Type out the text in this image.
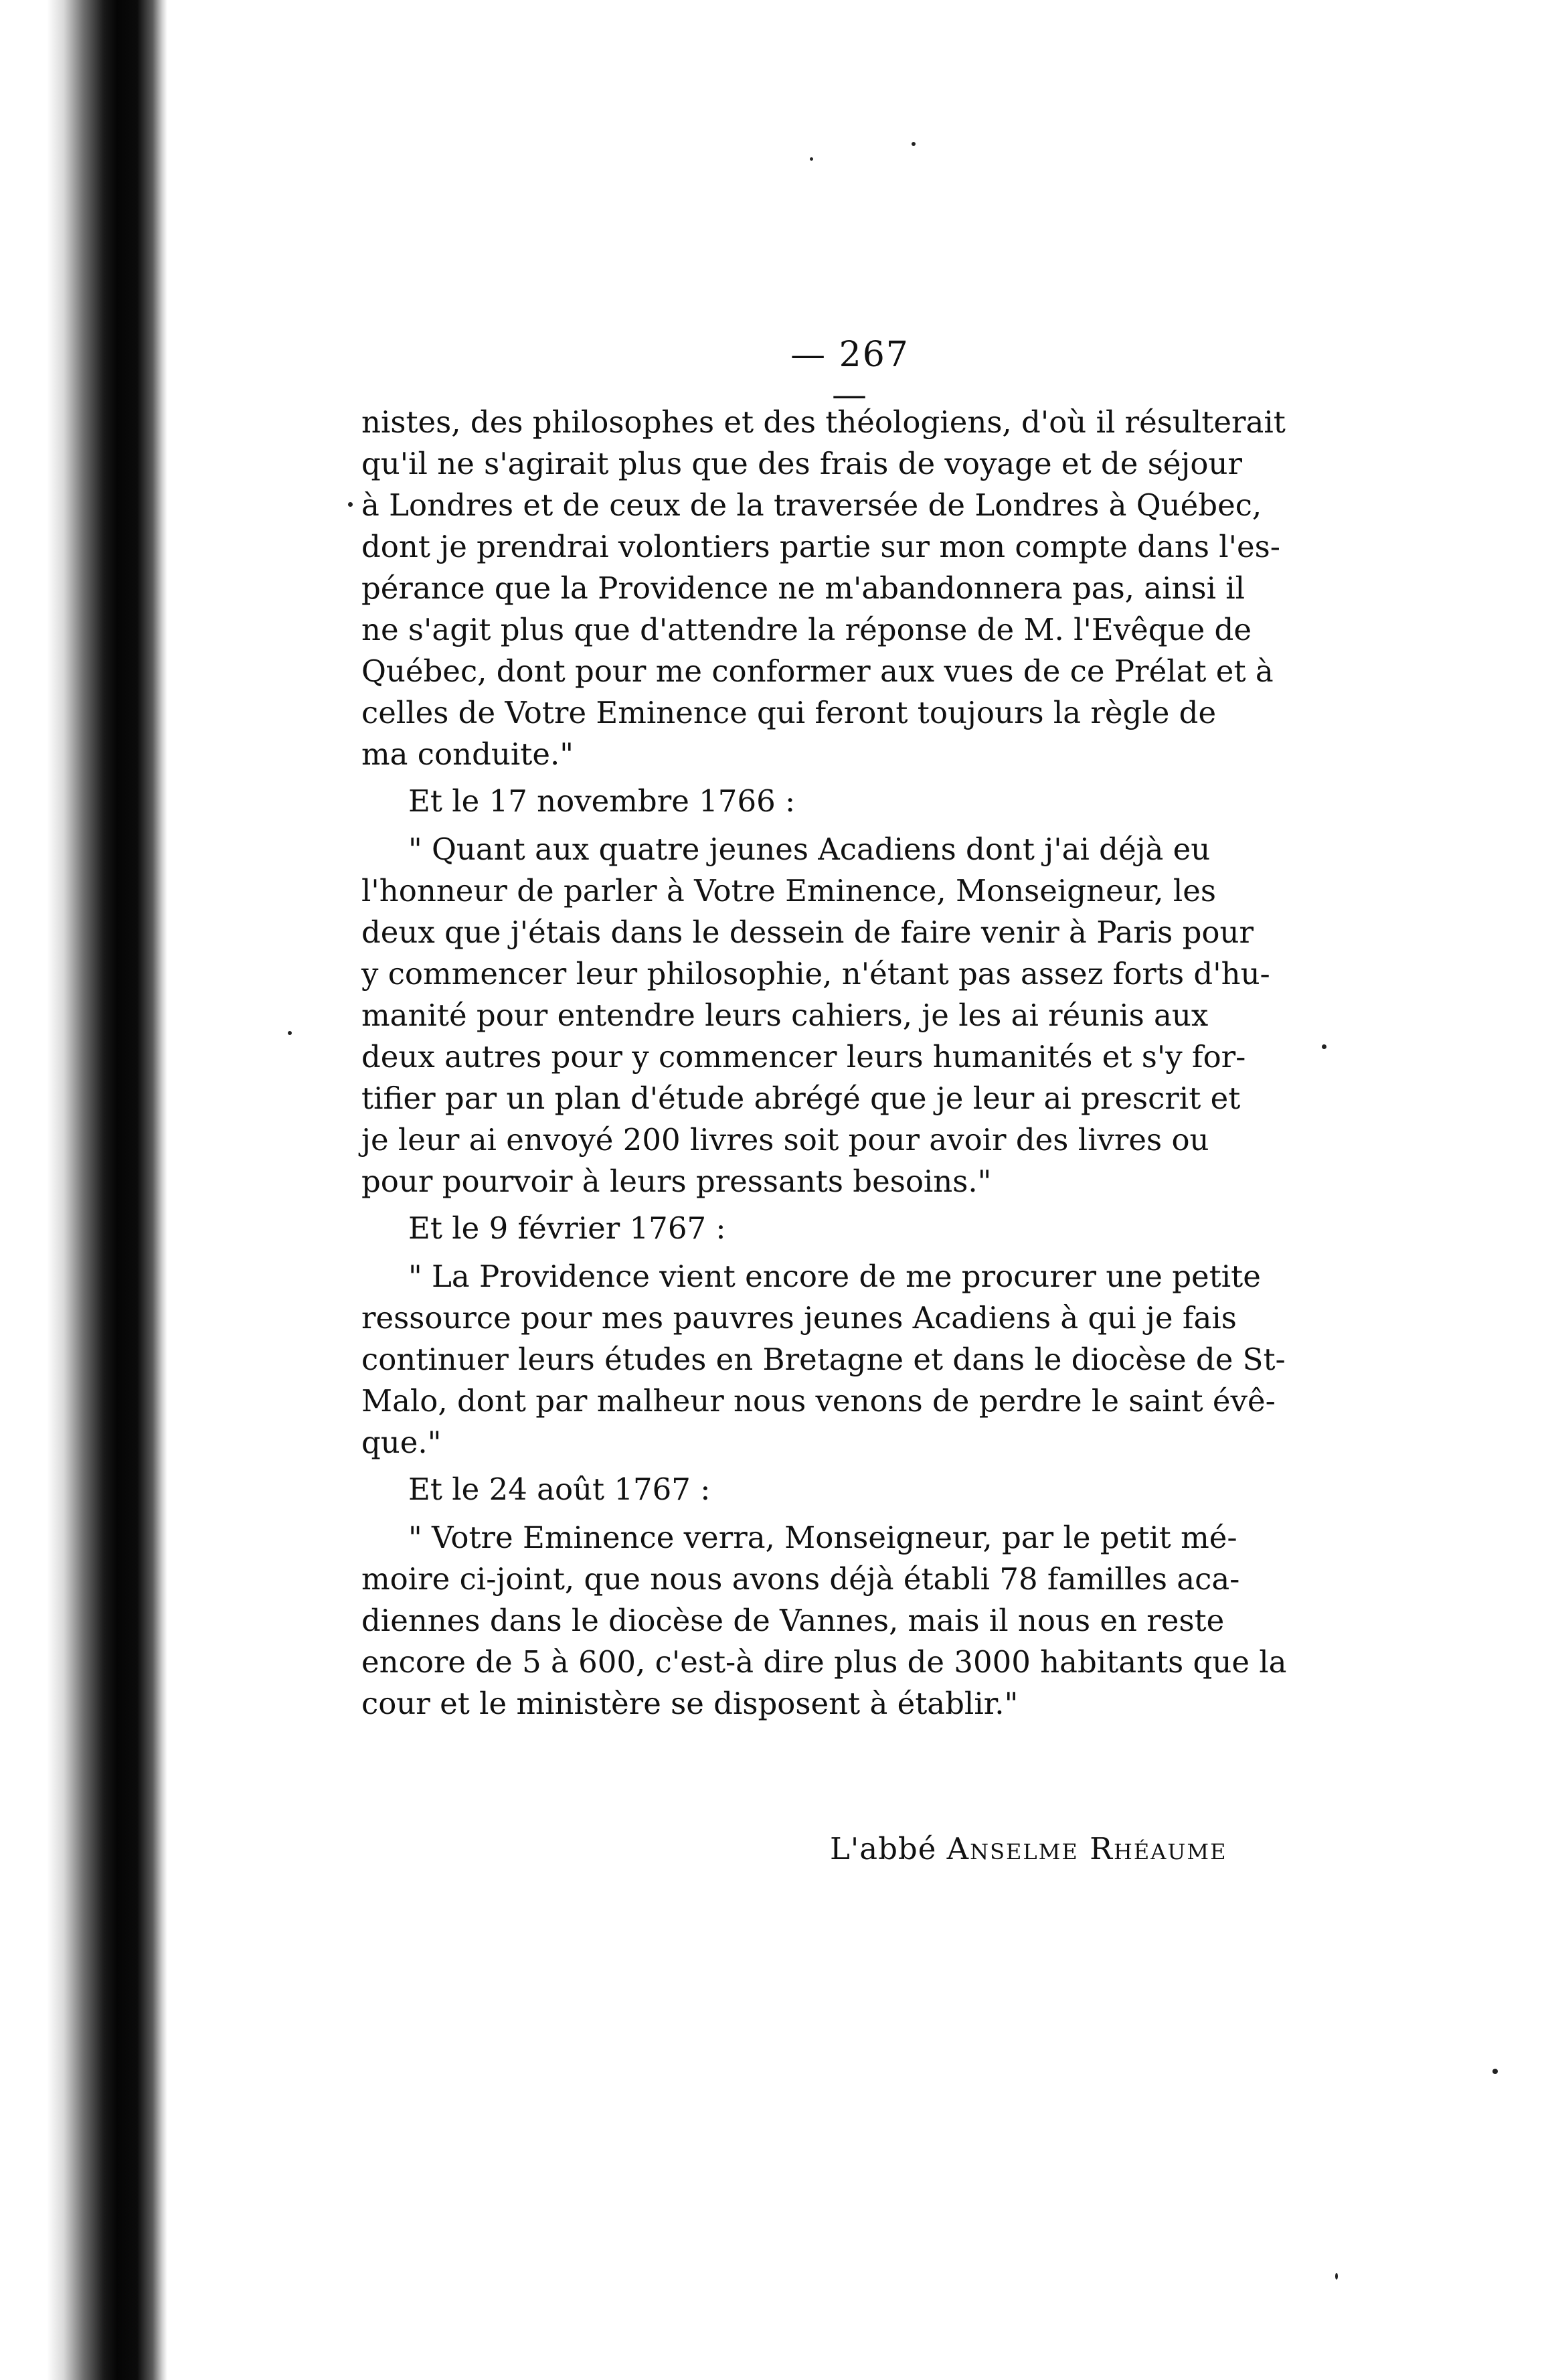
— 267 —

nistes, des philosophes et des théologiens, d'où il résulterait
qu'il ne s'agirait plus que des frais de voyage et de séjour
à Londres et de ceux de la traversée de Londres à Québec,
dont je prendrai volontiers partie sur mon compte dans l'es-
pérance que la Providence ne m'abandonnera pas, ainsi il
ne s'agit plus que d'attendre la réponse de M. l'Evêque de
Québec, dont pour me conformer aux vues de ce Prélat et à
celles de Votre Eminence qui feront toujours la règle de
ma conduite."

Et le 17 novembre 1766 :

" Quant aux quatre jeunes Acadiens dont j'ai déjà eu
l'honneur de parler à Votre Eminence, Monseigneur, les
deux que j'étais dans le dessein de faire venir à Paris pour
y commencer leur philosophie, n'étant pas assez forts d'hu-
manité pour entendre leurs cahiers, je les ai réunis aux
deux autres pour y commencer leurs humanités et s'y for-
tifier par un plan d'étude abrégé que je leur ai prescrit et
je leur ai envoyé 200 livres soit pour avoir des livres ou
pour pourvoir à leurs pressants besoins."

Et le 9 février 1767 :

" La Providence vient encore de me procurer une petite
ressource pour mes pauvres jeunes Acadiens à qui je fais
continuer leurs études en Bretagne et dans le diocèse de St-
Malo, dont par malheur nous venons de perdre le saint évê-
que."

Et le 24 août 1767 :

" Votre Eminence verra, Monseigneur, par le petit mé-
moire ci-joint, que nous avons déjà établi 78 familles aca-
diennes dans le diocèse de Vannes, mais il nous en reste
encore de 5 à 600, c'est-à dire plus de 3000 habitants que la
cour et le ministère se disposent à établir."

L'abbé Anselme Rhéaume
